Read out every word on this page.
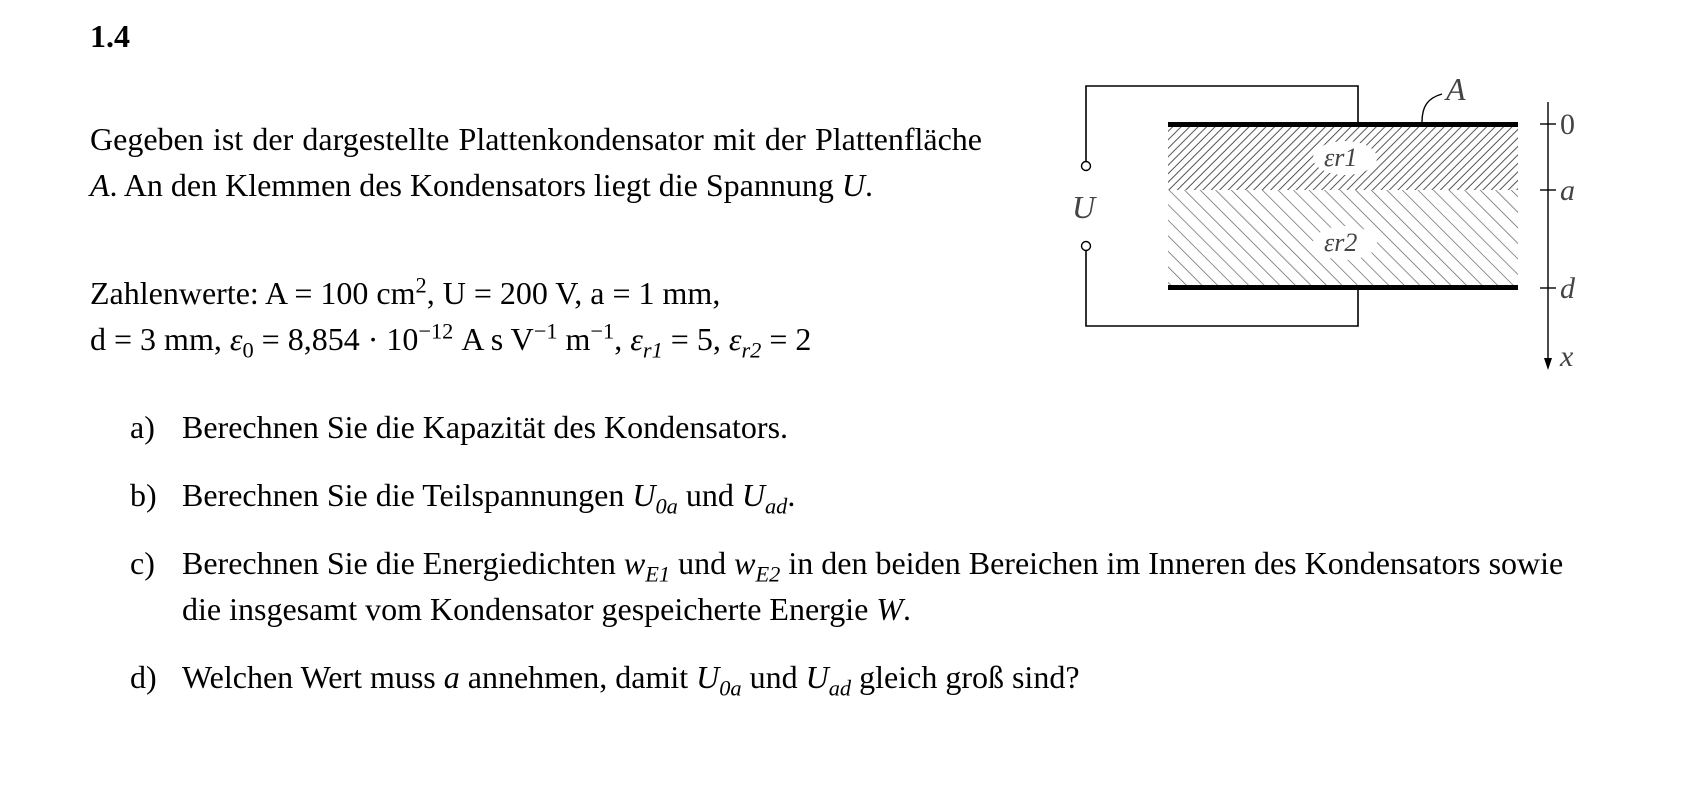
1.4

Gegeben ist der dargestellte Plattenkondensator mit der Plattenfläche A. An den Klemmen des Kondensators liegt die Spannung U.

Zahlenwerte: A = 100 $cm^2$, U = 200 V, a = 1 mm,

d = 3 mm, $\varepsilon_0 = 8,854 \cdot 10^{-12}$ A s $V^{-1}$ $m^{-1}$, $\varepsilon_{r1} = 5$, $\varepsilon_{r2} = 2$

εr1
εr2
A
U
0
a
d
x
a) Berechnen Sie die Kapazität des Kondensators.
b) Berechnen Sie die Teilspannungen $U_{0a}$ und $U_{ad}$.
c) Berechnen Sie die Energiedichten $w_{E1}$ und $w_{E2}$ in den beiden Bereichen im Inneren des Kondensators sowie die insgesamt vom Kondensator gespeicherte Energie W.
d) Welchen Wert muss a annehmen, damit $U_{0a}$ und $U_{ad}$ gleich groß sind?
